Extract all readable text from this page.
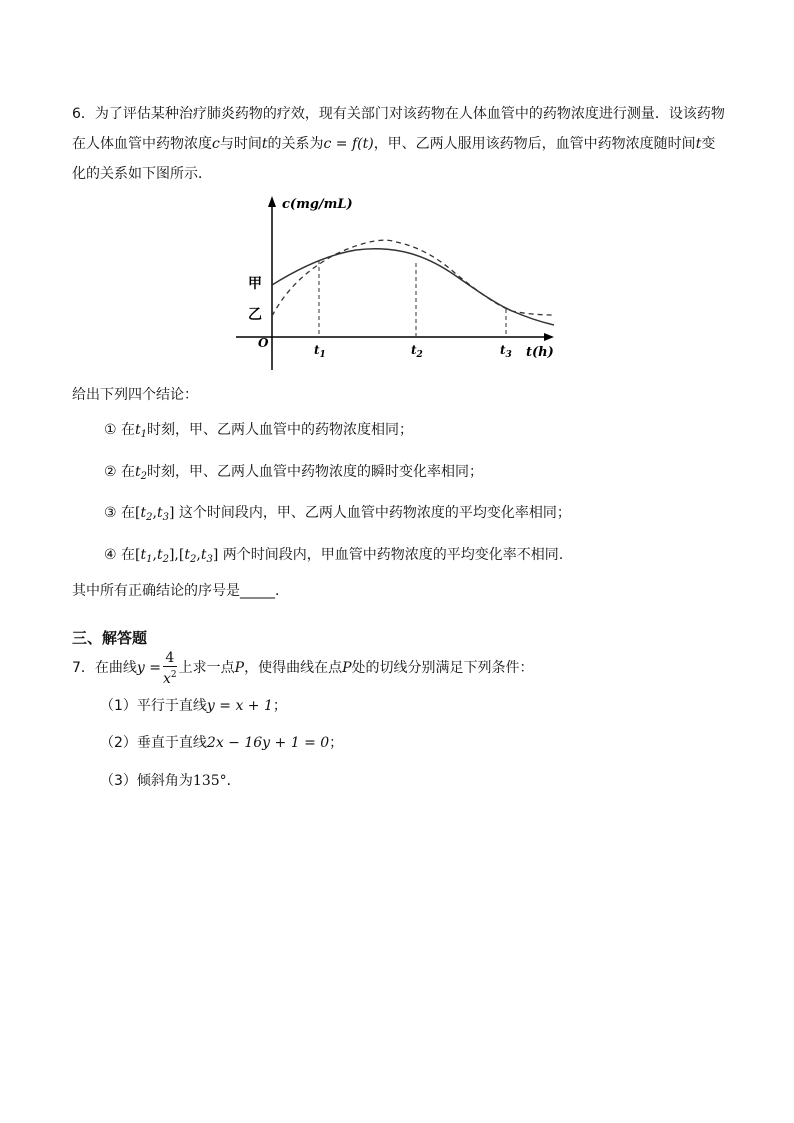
6．为了评估某种治疗肺炎药物的疗效，现有关部门对该药物在人体血管中的药物浓度进行测量．设该药物
在人体血管中药物浓度c与时间t的关系为c = f(t)，甲、乙两人服用该药物后，血管中药物浓度随时间t变
化的关系如下图所示．
c(mg/mL)
t(h)
O
甲
乙
$t_1$	$t_2$	$t_3$
给出下列四个结论：
① 在$t_1$时刻，甲、乙两人血管中的药物浓度相同；
② 在$t_2$时刻，甲、乙两人血管中药物浓度的瞬时变化率相同；
③ 在$[t_2,t_3]$ 这个时间段内，甲、乙两人血管中药物浓度的平均变化率相同；
④ 在$[t_1,t_2],[t_2,t_3]$ 两个时间段内，甲血管中药物浓度的平均变化率不相同.
其中所有正确结论的序号是_____.
三、解答题
7．在曲线$y = \frac{4}{x^2}$ 上求一点P，使得曲线在点P处的切线分别满足下列条件：
（1）平行于直线y = x + 1；
（2）垂直于直线2x − 16y + 1 = 0；
（3）倾斜角为135°．
